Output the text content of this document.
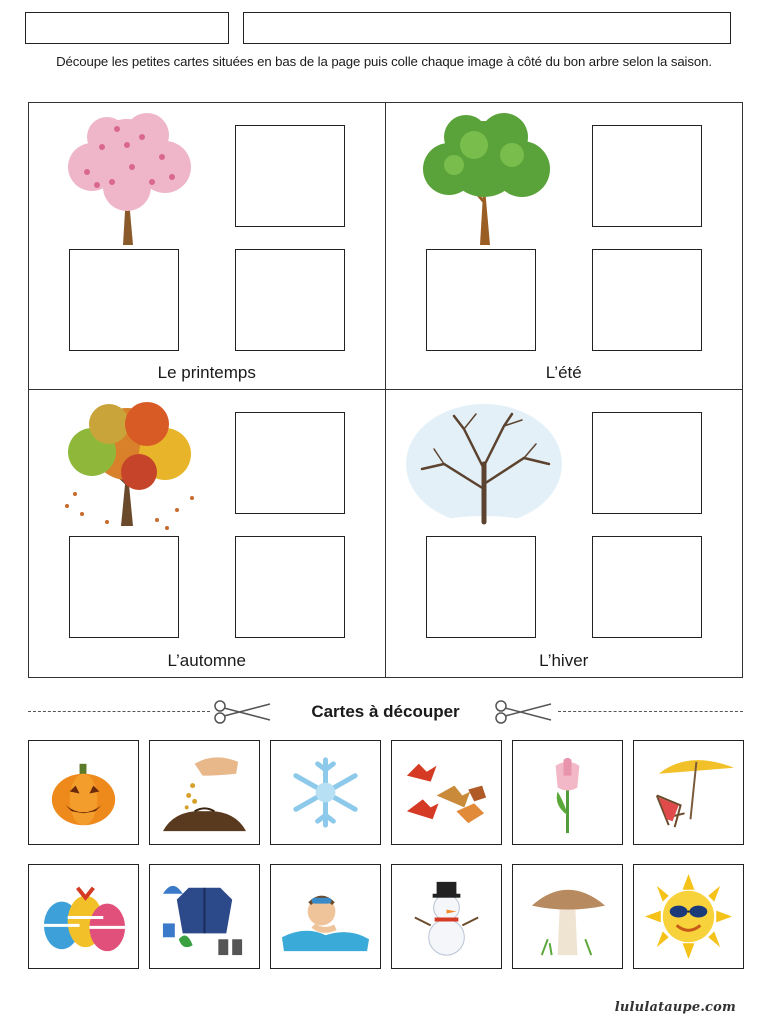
Découpe les petites cartes situées en bas de la page puis colle chaque image à côté du bon arbre selon la saison.
Le printemps	L’été
L’automne	L’hiver
Cartes à découper
lululataupe.com
